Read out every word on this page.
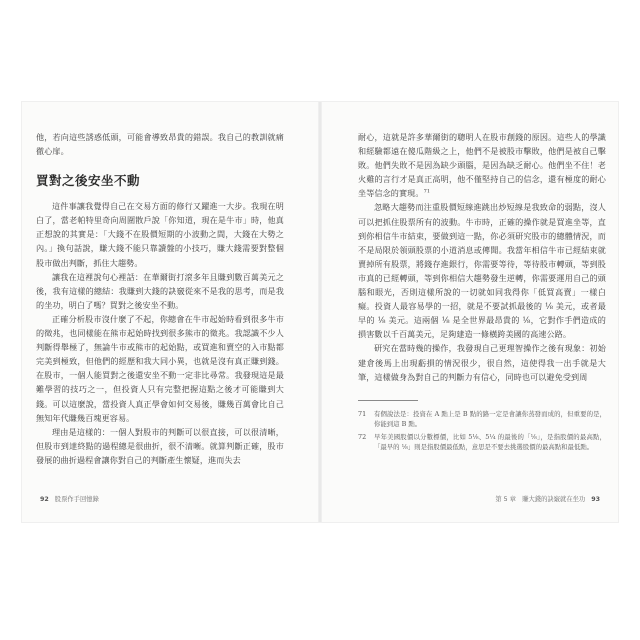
他，若向這些誘惑低頭，可能會導致昂貴的錯誤。我自己的教訓就痛徹心扉。

買對之後安坐不動

這件事讓我覺得自己在交易方面的修行又躍進一大步。我現在明白了，當老帕特里奇向周圍散戶說「你知道，現在是牛市」時，他真正想說的其實是：「大錢不在股價短期的小波動之間，大錢在大勢之內。」換句話說，賺大錢不能只靠讀盤的小技巧，賺大錢需要對整個股市做出判斷，抓住大趨勢。

讓我在這裡說句心裡話：在華爾街打滾多年且賺到數百萬美元之後，我有這樣的總結：我賺到大錢的訣竅從來不是我的思考，而是我的坐功，明白了嗎？買對之後安坐不動。

正確分析股市沒什麼了不起，你總會在牛市起始時看到很多牛市的徵兆，也同樣能在熊市起始時找到很多熊市的徵兆。我認識不少人判斷得舉極了，無論牛市或熊市的起始點，或買進和賣空的入市點都完美到極致，但他們的經歷和我大同小異，也就是沒有真正賺到錢。在股市，一個人能買對之後還安坐不動一定非比尋常。我發現這是最難學習的技巧之一，但投資人只有完整把握這點之後才可能賺到大錢。可以這麼說，當投資人真正學會如何交易後，賺幾百萬會比自己無知年代賺幾百塊更容易。

理由是這樣的：一個人對股市的判斷可以很直接，可以很清晰，但股市到達終點的過程總是很曲折，很不清晰。就算判斷正確，股市發展的曲折過程會讓你對自己的判斷產生懷疑，進而失去

92 股票作手回憶錄

耐心，這就是許多華爾街的聰明人在股市創錢的原因。這些人的學識和經驗都遠在傻瓜階級之上，他們不是被股市擊敗，他們是被自己擊敗。他們失敗不是因為缺少頭腦，是因為缺乏耐心。他們坐不住！老火雞的言行才是真正高明，他不僅堅持自己的信念，還有極度的耐心坐等信念的實現。$^{71}$

忽略大趨勢而注重股價短線進跳出炒短線是我致命的弱點，沒人可以把抓住股票所有的波動。牛市時，正確的操作就是買進坐等，直到你相信牛市結束，要做到這一點，你必須研究股市的總體情況，而不是局限於領頭股票的小道消息或傳聞。我當年相信牛市已經結束就賣掉所有股票，將錢存進銀行，你需要等待，等待股市轉頭，等到股市真的已經轉頭，等到你相信大趨勢發生逆轉，你需要運用自己的頭腦和眼光，否則這樣所說的一切就如同我得你「低買高賣」一樣白癡。投資人最容易學的一招，就是不要試抓最後的 ⅛ 美元，或者最早的 ⅛ 美元。這兩個 ⅛ 是全世界最昂貴的 ⅛，它對作手們造成的損害數以千百萬美元，足夠建造一條橫跨美國的高速公路。

研究在當時幾的操作，我發現自己更理智操作之後有現象：初始建倉後馬上出現虧損的情況很少，很自然，這使得我一出手就是大筆，這樣做身為對自己的判斷力有信心，同時也可以避免受到周

71	有個說法是：投資在 A 點上是 B 點的路一定是會讓你蒸發而成的，但重要的是，你能到這 B 點。
72	早年美國股價以分數標價，比如 5⅛、5¼ 的最後的「⅛」，是指股價的最高點，「最早的 ⅛」則是指股價最低點，意思是不要去挑選股價的最高點和最低點。
第 5 章　賺大錢的訣竅就在坐功 93
